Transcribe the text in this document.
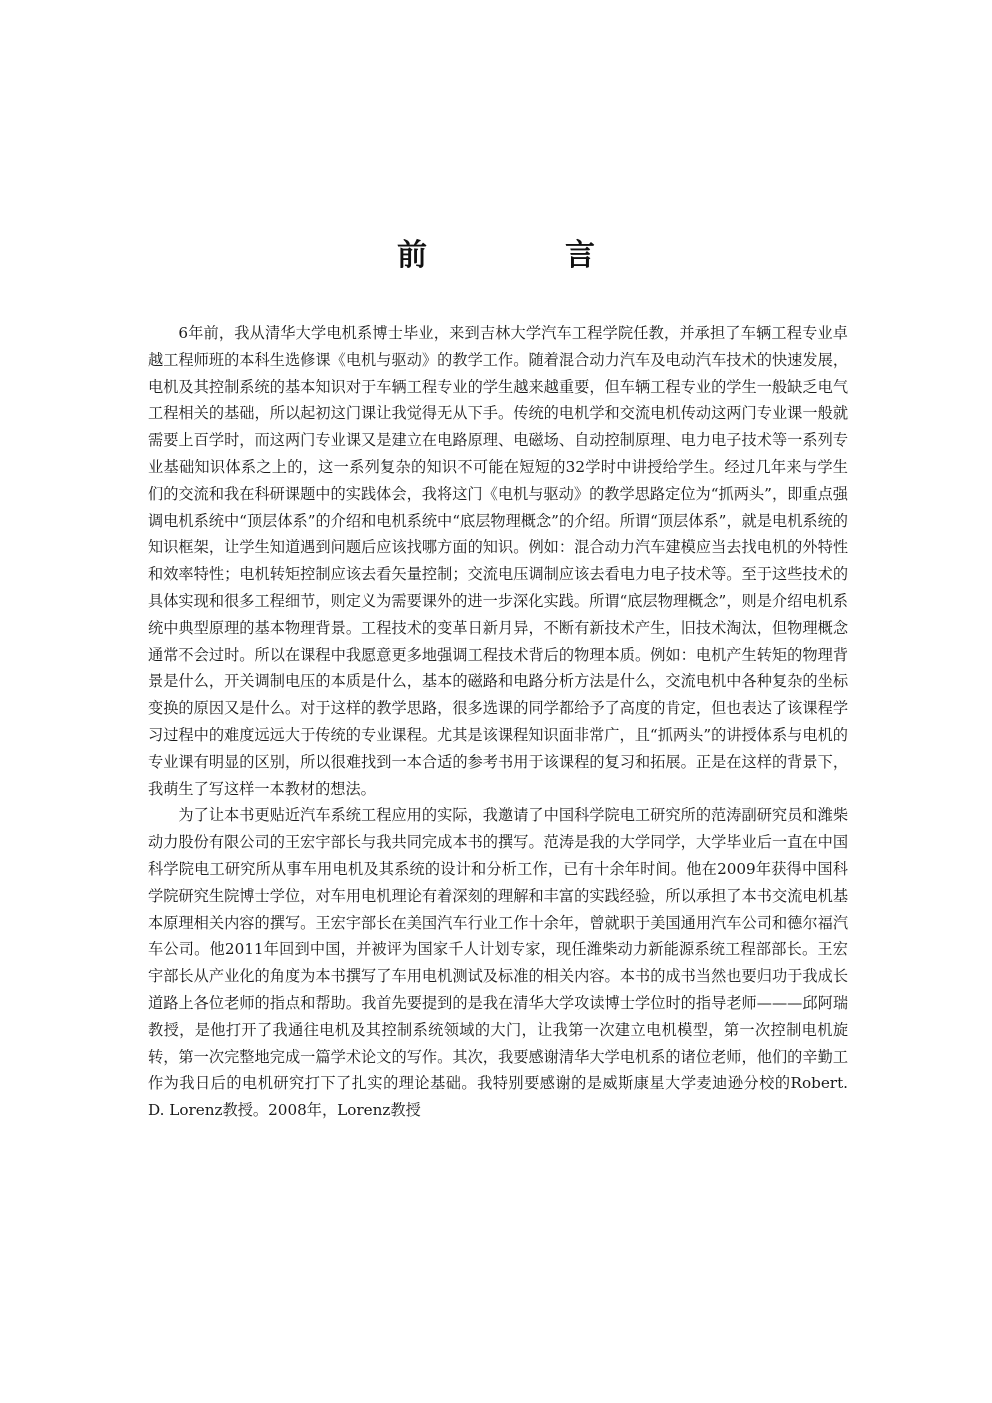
前　言

6年前，我从清华大学电机系博士毕业，来到吉林大学汽车工程学院任教，并承担了车辆工程专业卓越工程师班的本科生选修课《电机与驱动》的教学工作。随着混合动力汽车及电动汽车技术的快速发展，电机及其控制系统的基本知识对于车辆工程专业的学生越来越重要，但车辆工程专业的学生一般缺乏电气工程相关的基础，所以起初这门课让我觉得无从下手。传统的电机学和交流电机传动这两门专业课一般就需要上百学时，而这两门专业课又是建立在电路原理、电磁场、自动控制原理、电力电子技术等一系列专业基础知识体系之上的，这一系列复杂的知识不可能在短短的32学时中讲授给学生。经过几年来与学生们的交流和我在科研课题中的实践体会，我将这门《电机与驱动》的教学思路定位为“抓两头”，即重点强调电机系统中“顶层体系”的介绍和电机系统中“底层物理概念”的介绍。所谓“顶层体系”，就是电机系统的知识框架，让学生知道遇到问题后应该找哪方面的知识。例如：混合动力汽车建模应当去找电机的外特性和效率特性；电机转矩控制应该去看矢量控制；交流电压调制应该去看电力电子技术等。至于这些技术的具体实现和很多工程细节，则定义为需要课外的进一步深化实践。所谓“底层物理概念”，则是介绍电机系统中典型原理的基本物理背景。工程技术的变革日新月异，不断有新技术产生，旧技术淘汰，但物理概念通常不会过时。所以在课程中我愿意更多地强调工程技术背后的物理本质。例如：电机产生转矩的物理背景是什么，开关调制电压的本质是什么，基本的磁路和电路分析方法是什么，交流电机中各种复杂的坐标变换的原因又是什么。对于这样的教学思路，很多选课的同学都给予了高度的肯定，但也表达了该课程学习过程中的难度远远大于传统的专业课程。尤其是该课程知识面非常广，且“抓两头”的讲授体系与电机的专业课有明显的区别，所以很难找到一本合适的参考书用于该课程的复习和拓展。正是在这样的背景下，我萌生了写这样一本教材的想法。

为了让本书更贴近汽车系统工程应用的实际，我邀请了中国科学院电工研究所的范涛副研究员和潍柴动力股份有限公司的王宏宇部长与我共同完成本书的撰写。范涛是我的大学同学，大学毕业后一直在中国科学院电工研究所从事车用电机及其系统的设计和分析工作，已有十余年时间。他在2009年获得中国科学院研究生院博士学位，对车用电机理论有着深刻的理解和丰富的实践经验，所以承担了本书交流电机基本原理相关内容的撰写。王宏宇部长在美国汽车行业工作十余年，曾就职于美国通用汽车公司和德尔福汽车公司。他2011年回到中国，并被评为国家千人计划专家，现任潍柴动力新能源系统工程部部长。王宏宇部长从产业化的角度为本书撰写了车用电机测试及标准的相关内容。本书的成书当然也要归功于我成长道路上各位老师的指点和帮助。我首先要提到的是我在清华大学攻读博士学位时的指导老师———邱阿瑞教授，是他打开了我通往电机及其控制系统领域的大门，让我第一次建立电机模型，第一次控制电机旋转，第一次完整地完成一篇学术论文的写作。其次，我要感谢清华大学电机系的诸位老师，他们的辛勤工作为我日后的电机研究打下了扎实的理论基础。我特别要感谢的是威斯康星大学麦迪逊分校的Robert. D. Lorenz教授。2008年，Lorenz教授
